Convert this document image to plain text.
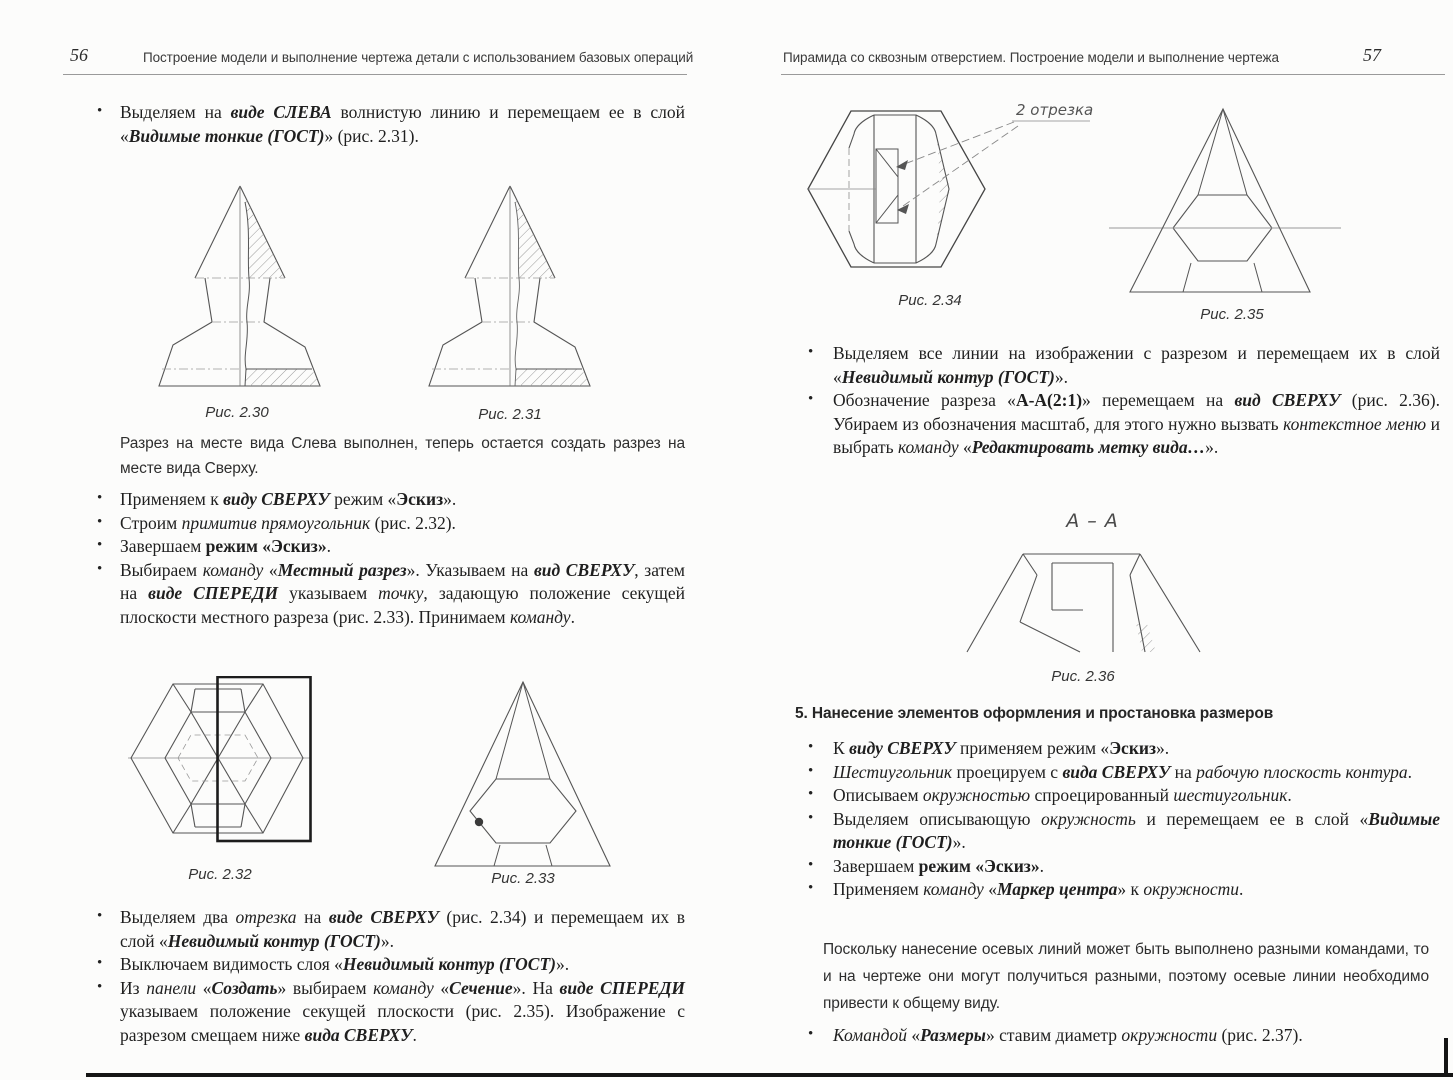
56	Построение модели и выполнение чертежа детали с использованием базовых операций
• Выделяем на виде СЛЕВА волнистую линию и перемещаем ее в слой «Видимые тонкие (ГОСТ)» (рис. 2.31).
Рис. 2.30	Рис. 2.31
Разрез на месте вида Слева выполнен, теперь остается создать разрез на месте вида Сверху.
• Применяем к виду СВЕРХУ режим «Эскиз».
• Строим примитив прямоугольник (рис. 2.32).
• Завершаем режим «Эскиз».
• Выбираем команду «Местный разрез». Указываем на вид СВЕРХУ, затем на виде СПЕРЕДИ указываем точку, задающую положение секущей плоскости местного разреза (рис. 2.33). Принимаем команду.
Рис. 2.32	Рис. 2.33
• Выделяем два отрезка на виде СВЕРХУ (рис. 2.34) и перемещаем их в слой «Невидимый контур (ГОСТ)».
• Выключаем видимость слоя «Невидимый контур (ГОСТ)».
• Из панели «Создать» выбираем команду «Сечение». На виде СПЕРЕДИ указываем положение секущей плоскости (рис. 2.35). Изображение с разрезом смещаем ниже вида СВЕРХУ.
Пирамида со сквозным отверстием. Построение модели и выполнение чертежа	57
2 отрезка
Рис. 2.34
Рис. 2.35
• Выделяем все линии на изображении с разрезом и перемещаем их в слой «Невидимый контур (ГОСТ)».
• Обозначение разреза «А-А(2:1)» перемещаем на вид СВЕРХУ (рис. 2.36). Убираем из обозначения масштаб, для этого нужно вызвать контекстное меню и выбрать команду «Редактировать метку вида…».
А – А
Рис. 2.36
5. Нанесение элементов оформления и простановка размеров
• К виду СВЕРХУ применяем режим «Эскиз».
• Шестиугольник проецируем с вида СВЕРХУ на рабочую плоскость контура.
• Описываем окружностью спроецированный шестиугольник.
• Выделяем описывающую окружность и перемещаем ее в слой «Видимые тонкие (ГОСТ)».
• Завершаем режим «Эскиз».
• Применяем команду «Маркер центра» к окружности.
Поскольку нанесение осевых линий может быть выполнено разными командами, то и на чертеже они могут получиться разными, поэтому осевые линии необходимо привести к общему виду.
• Командой «Размеры» ставим диаметр окружности (рис. 2.37).
